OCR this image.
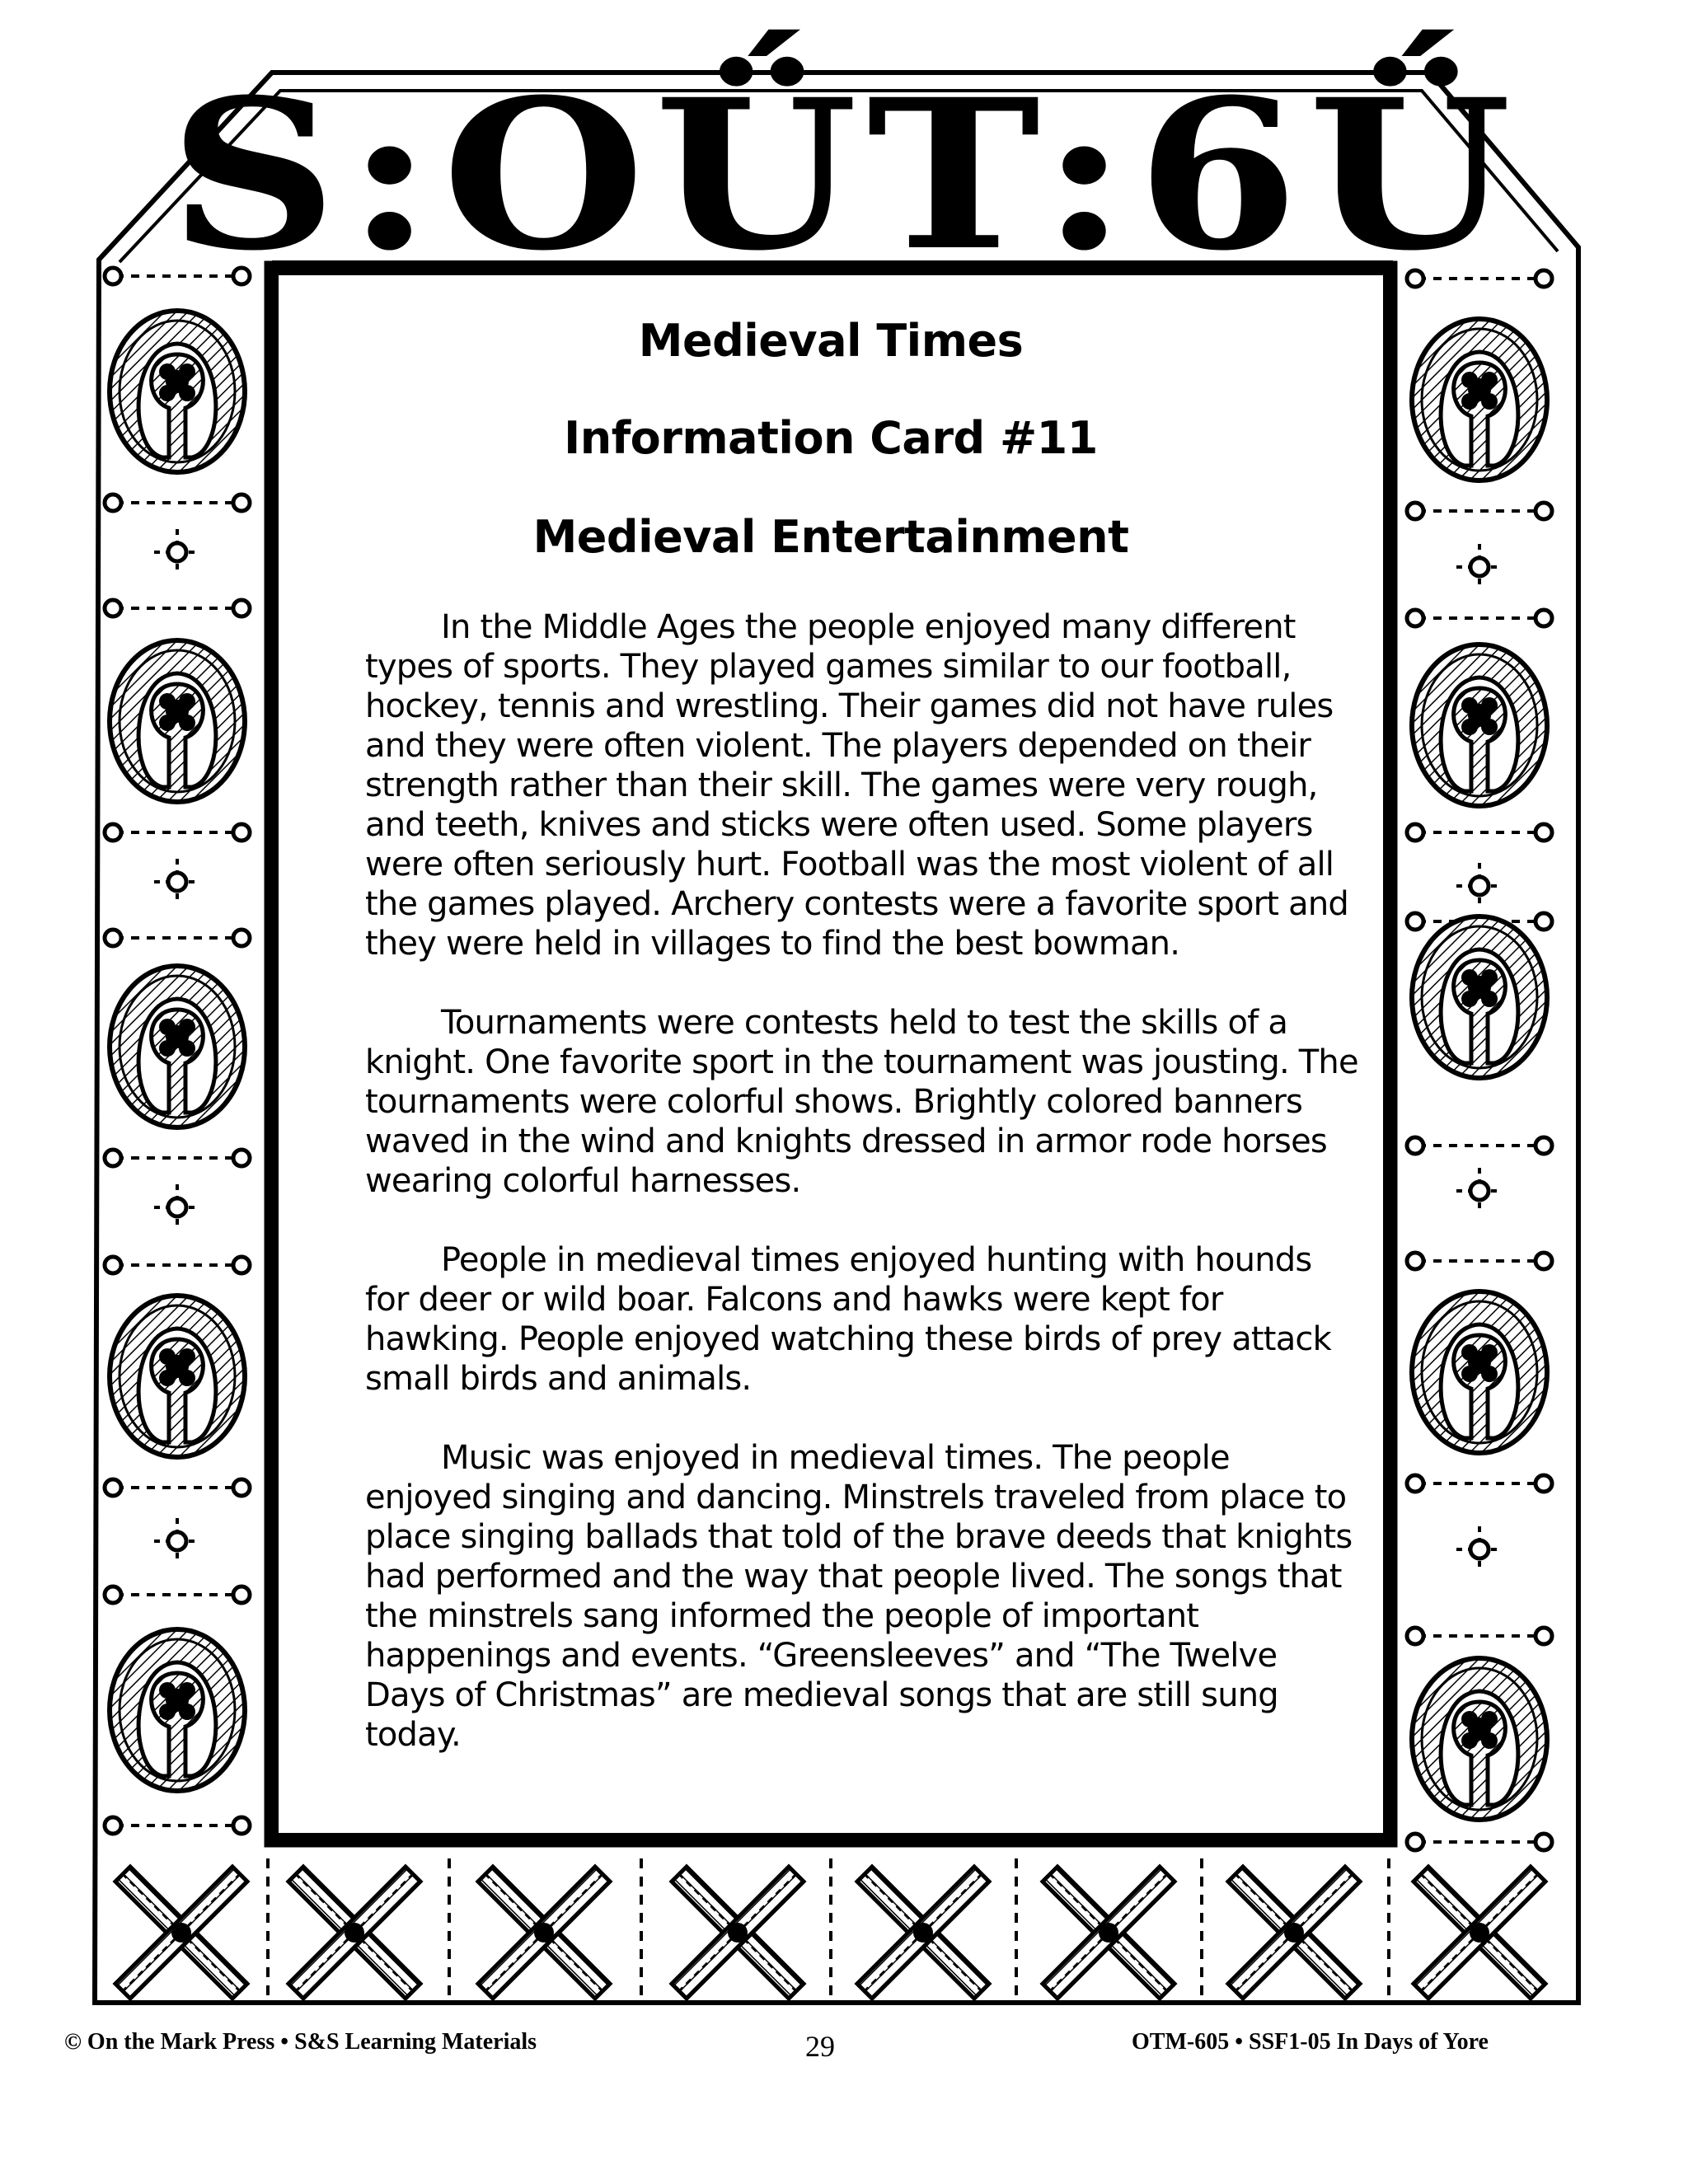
S:OǗT:6Ǘ
Medieval Times
Information Card #11
Medieval Entertainment

In the Middle Ages the people enjoyed many different types of sports. They played games similar to our football, hockey, tennis and wrestling. Their games did not have rules and they were often violent. The players depended on their strength rather than their skill. The games were very rough, and teeth, knives and sticks were often used. Some players were often seriously hurt. Football was the most violent of all the games played. Archery contests were a favorite sport and they were held in villages to find the best bowman.

Tournaments were contests held to test the skills of a knight. One favorite sport in the tournament was jousting. The tournaments were colorful shows. Brightly colored banners waved in the wind and knights dressed in armor rode horses wearing colorful harnesses.

People in medieval times enjoyed hunting with hounds for deer or wild boar. Falcons and hawks were kept for hawking. People enjoyed watching these birds of prey attack small birds and animals.

Music was enjoyed in medieval times. The people enjoyed singing and dancing. Minstrels traveled from place to place singing ballads that told of the brave deeds that knights had performed and the way that people lived. The songs that the minstrels sang informed the people of important happenings and events. “Greensleeves” and “The Twelve Days of Christmas” are medieval songs that are still sung today.

© On the Mark Press • S&S Learning Materials	29	OTM-605 • SSF1-05 In Days of Yore
